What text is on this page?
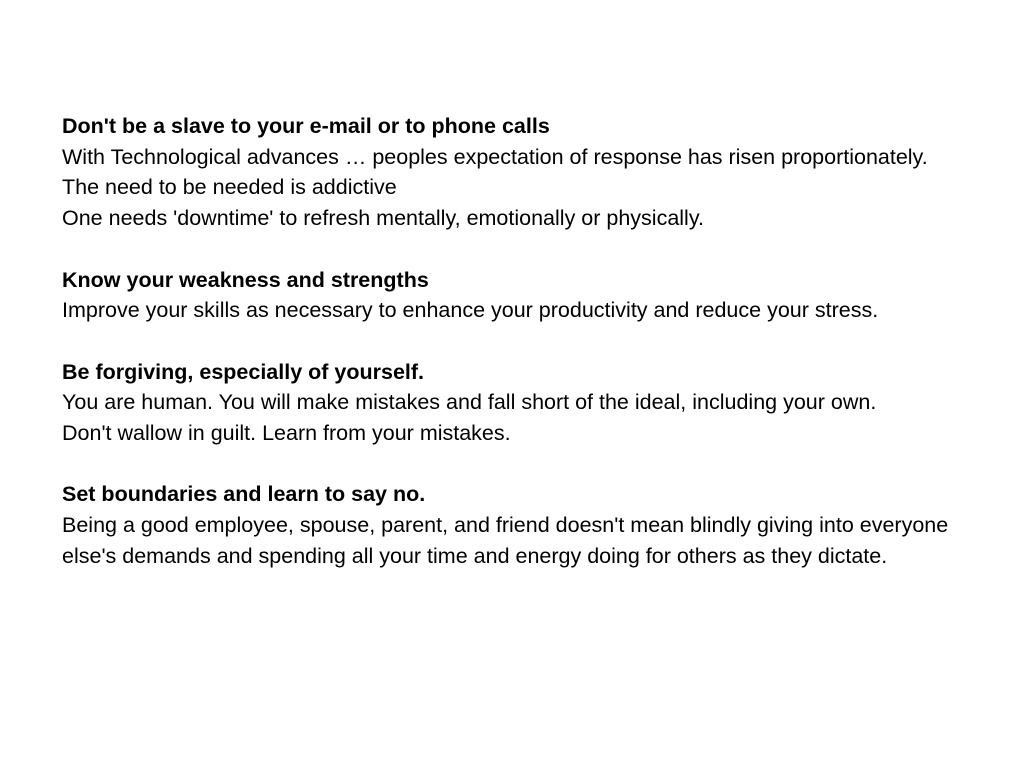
Don't be a slave to your e-mail or to phone calls
With Technological advances … peoples expectation of response has risen proportionately.
The need to be needed is addictive
One needs 'downtime' to refresh mentally, emotionally or physically.
Know your weakness and strengths
Improve your skills as necessary to enhance your productivity and reduce your stress.
Be forgiving, especially of yourself.
You are human. You will make mistakes and fall short of the ideal, including your own.
Don't wallow in guilt. Learn from your mistakes.
Set boundaries and learn to say no.
Being a good employee, spouse, parent, and friend doesn't mean blindly giving into everyone else's demands and spending all your time and energy doing for others as they dictate.
